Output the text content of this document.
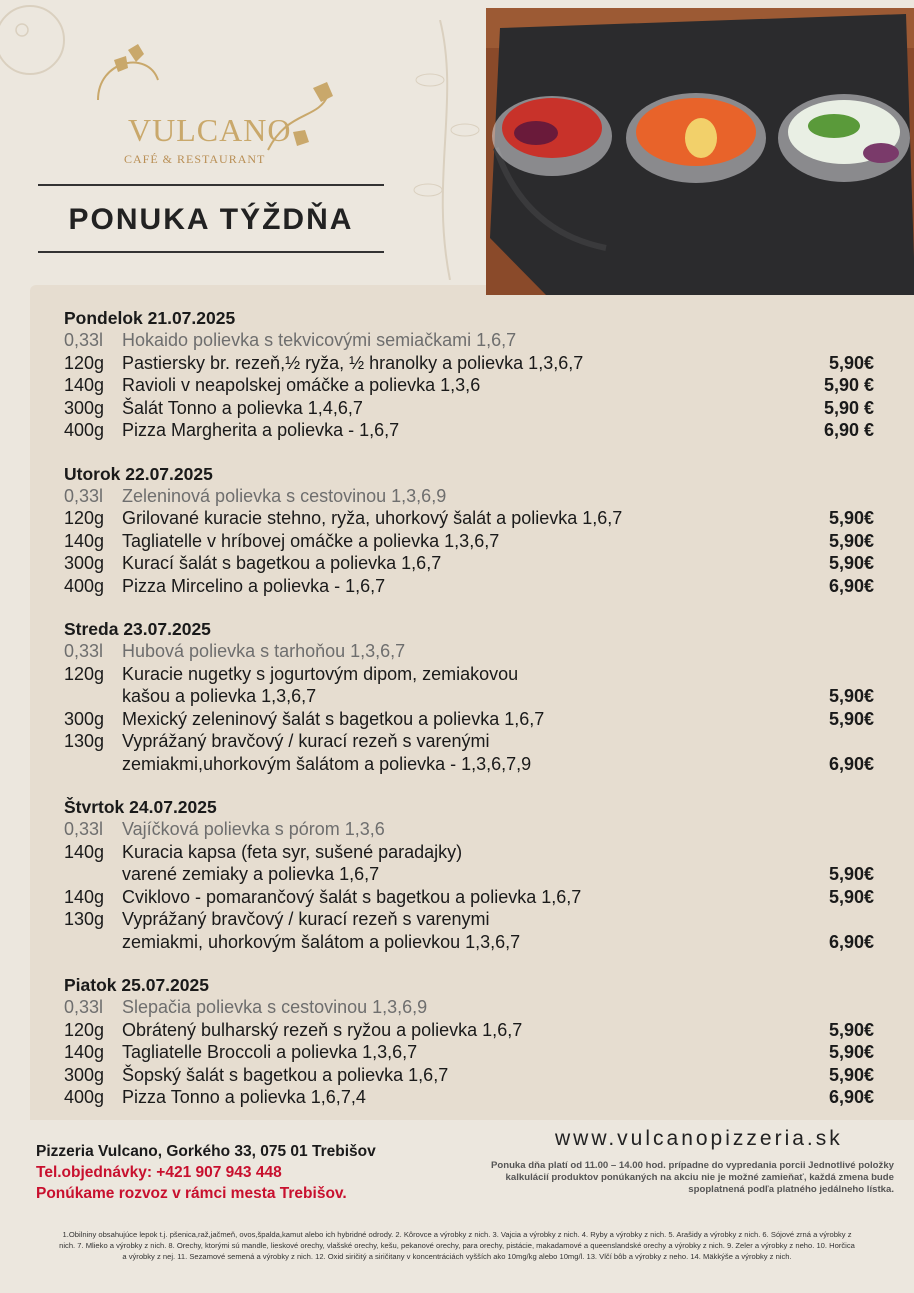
VULCANO
CAFÉ & RESTAURANT
PONUKA TÝŽDŇA
Pondelok 21.07.2025
0,33l	Hokaido polievka s tekvicovými semiačkami 1,6,7
120g Pastiersky br. rezeň,½ ryža, ½ hranolky a polievka 1,3,6,7	5,90€
140g Ravioli v neapolskej omáčke a polievka 1,3,6	5,90 €
300g Šalát Tonno a polievka 1,4,6,7	5,90 €
400g Pizza Margherita a polievka - 1,6,7	6,90 €
Utorok 22.07.2025
0,33l	Zeleninová polievka s cestovinou 1,3,6,9
120g Grilované kuracie stehno, ryža, uhorkový šalát a polievka 1,6,7	5,90€
140g Tagliatelle v hríbovej omáčke a polievka 1,3,6,7	5,90€
300g Kurací šalát s bagetkou a polievka 1,6,7	5,90€
400g Pizza Mircelino a polievka - 1,6,7	6,90€
Streda 23.07.2025
0,33l	Hubová polievka s tarhoňou 1,3,6,7
120g Kuracie nugetky s jogurtovým dipom, zemiakovou
kašou a polievka 1,3,6,7	5,90€
300g Mexický zeleninový šalát s bagetkou a polievka 1,6,7	5,90€
130g Vyprážaný bravčový / kurací rezeň s varenými
zemiakmi,uhorkovým šalátom a polievka - 1,3,6,7,9	6,90€
Štvrtok 24.07.2025
0,33l	Vajíčková polievka s pórom 1,3,6
140g Kuracia kapsa (feta syr, sušené paradajky)
varené zemiaky a polievka 1,6,7	5,90€
140g Cviklovo - pomarančový šalát s bagetkou a polievka 1,6,7	5,90€
130g Vyprážaný bravčový / kurací rezeň s varenymi
zemiakmi, uhorkovým šalátom a polievkou 1,3,6,7	6,90€
Piatok 25.07.2025
0,33l	Slepačia polievka s cestovinou 1,3,6,9
120g Obrátený bulharský rezeň s ryžou a polievka 1,6,7	5,90€
140g Tagliatelle Broccoli a polievka 1,3,6,7	5,90€
300g Šopský šalát s bagetkou a polievka 1,6,7	5,90€
400g Pizza Tonno a polievka 1,6,7,4	6,90€
Pizzeria Vulcano, Gorkého 33, 075 01 Trebišov
Tel.objednávky: +421 907 943 448
Ponúkame rozvoz v rámci mesta Trebišov.
www.vulcanopizzeria.sk
Ponuka dňa platí od 11.00 – 14.00 hod. prípadne do vypredania porcii Jednotlivé položky kalkulácií produktov ponúkaných na akciu nie je možné zamieňať, každá zmena bude spoplatnená podľa platného jedálneho lístka.
1.Obilniny obsahujúce lepok t.j. pšenica,raž,jačmeň, ovos,špalda,kamut alebo ich hybridné odrody. 2. Kôrovce a výrobky z nich. 3. Vajcia a výrobky z nich. 4. Ryby a výrobky z nich. 5. Arašidy a výrobky z nich. 6. Sójové zrná a výrobky z nich. 7. Mlieko a výrobky z nich. 8. Orechy, ktorými sú mandle, lieskové orechy, vlašské orechy, kešu, pekanové orechy, para orechy, pistácie, makadamové a queenslandské orechy a výrobky z nich. 9. Zeler a výrobky z neho. 10. Horčica a výrobky z nej. 11. Sezamové semená a výrobky z nich. 12. Oxid siričitý a siričitany v koncentráciách vyšších ako 10mg/kg alebo 10mg/l. 13. Vlčí bôb a výrobky z neho. 14. Mäkkýše a výrobky z nich.
